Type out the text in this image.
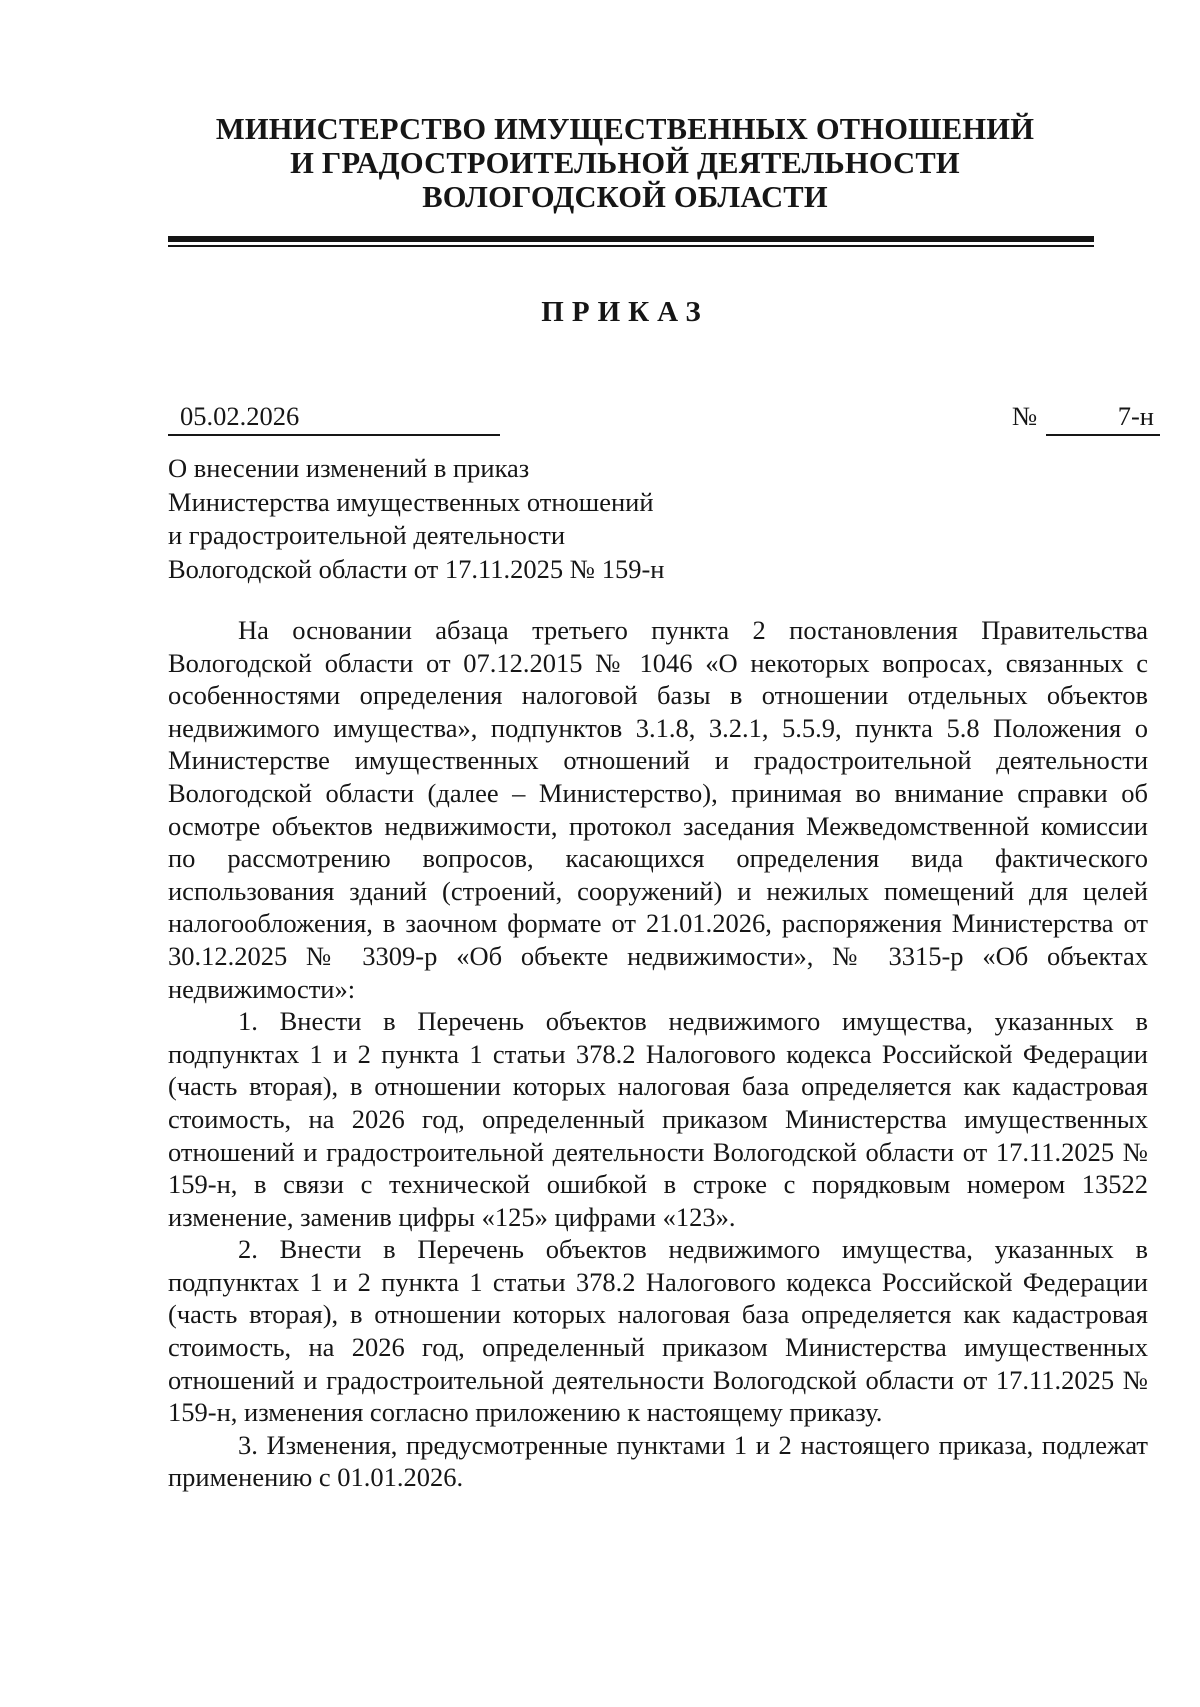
МИНИСТЕРСТВО ИМУЩЕСТВЕННЫХ ОТНОШЕНИЙ
И ГРАДОСТРОИТЕЛЬНОЙ ДЕЯТЕЛЬНОСТИ
ВОЛОГОДСКОЙ ОБЛАСТИ
ПРИКАЗ
05.02.2026	№	7-н
О внесении изменений в приказ
Министерства имущественных отношений
и градостроительной деятельности
Вологодской области от 17.11.2025 № 159-н

На основании абзаца третьего пункта 2 постановления Правительства Вологодской области от 07.12.2015 № 1046 «О некоторых вопросах, связанных с особенностями определения налоговой базы в отношении отдельных объектов недвижимого имущества», подпунктов 3.1.8, 3.2.1, 5.5.9, пункта 5.8 Положения о Министерстве имущественных отношений и градостроительной деятельности Вологодской области (далее – Министерство), принимая во внимание справки об осмотре объектов недвижимости, протокол заседания Межведомственной комиссии по рассмотрению вопросов, касающихся определения вида фактического использования зданий (строений, сооружений) и нежилых помещений для целей налогообложения, в заочном формате от 21.01.2026, распоряжения Министерства от 30.12.2025 № 3309-р «Об объекте недвижимости», № 3315-р «Об объектах недвижимости»:

1. Внести в Перечень объектов недвижимого имущества, указанных в подпунктах 1 и 2 пункта 1 статьи 378.2 Налогового кодекса Российской Федерации (часть вторая), в отношении которых налоговая база определяется как кадастровая стоимость, на 2026 год, определенный приказом Министерства имущественных отношений и градостроительной деятельности Вологодской области от 17.11.2025 № 159-н, в связи с технической ошибкой в строке с порядковым номером 13522 изменение, заменив цифры «125» цифрами «123».

2. Внести в Перечень объектов недвижимого имущества, указанных в подпунктах 1 и 2 пункта 1 статьи 378.2 Налогового кодекса Российской Федерации (часть вторая), в отношении которых налоговая база определяется как кадастровая стоимость, на 2026 год, определенный приказом Министерства имущественных отношений и градостроительной деятельности Вологодской области от 17.11.2025 № 159-н, изменения согласно приложению к настоящему приказу.

3. Изменения, предусмотренные пунктами 1 и 2 настоящего приказа, подлежат применению с 01.01.2026.
